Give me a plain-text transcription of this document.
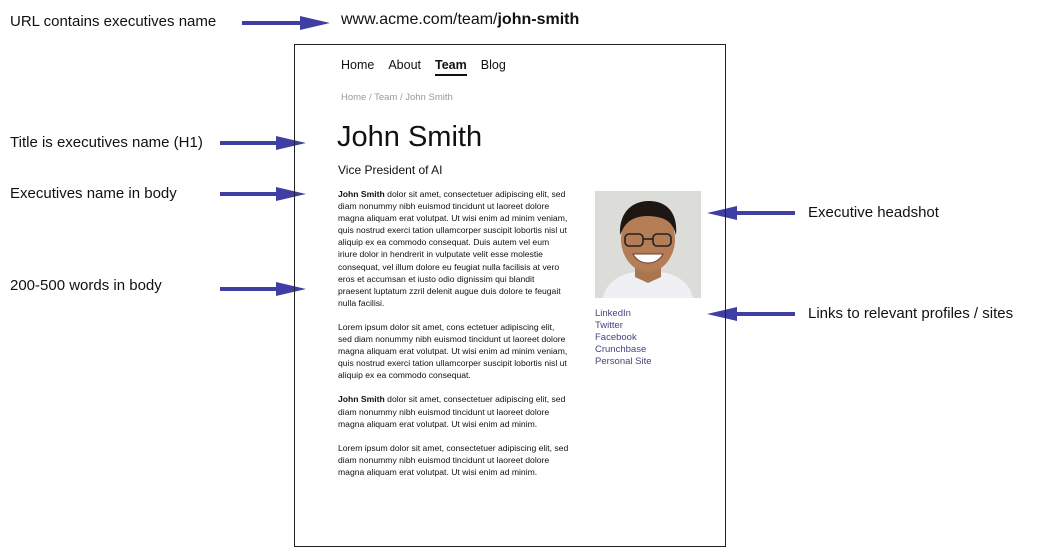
URL contains executives name
Title is executives name (H1)
Executives name in body
200-500 words in body
Executive headshot
Links to relevant profiles / sites
www.acme.com/team/john-smith
Home About Team Blog
Home / Team / John Smith
John Smith
Vice President of AI

John Smith dolor sit amet, consectetuer adipiscing elit, sed diam nonummy nibh euismod tincidunt ut laoreet dolore magna aliquam erat volutpat. Ut wisi enim ad minim veniam, quis nostrud exerci tation ullamcorper suscipit lobortis nisl ut aliquip ex ea commodo consequat. Duis autem vel eum iriure dolor in hendrerit in vulputate velit esse molestie consequat, vel illum dolore eu feugiat nulla facilisis at vero eros et accumsan et iusto odio dignissim qui blandit praesent luptatum zzril delenit augue duis dolore te feugait nulla facilisi.

Lorem ipsum dolor sit amet, cons ectetuer adipiscing elit, sed diam nonummy nibh euismod tincidunt ut laoreet dolore magna aliquam erat volutpat. Ut wisi enim ad minim veniam, quis nostrud exerci tation ullamcorper suscipit lobortis nisl ut aliquip ex ea commodo consequat.

John Smith dolor sit amet, consectetuer adipiscing elit, sed diam nonummy nibh euismod tincidunt ut laoreet dolore magna aliquam erat volutpat. Ut wisi enim ad minim.

Lorem ipsum dolor sit amet, consectetuer adipiscing elit, sed diam nonummy nibh euismod tincidunt ut laoreet dolore magna aliquam erat volutpat. Ut wisi enim ad minim.

LinkedIn
Twitter
Facebook
Crunchbase
Personal Site
